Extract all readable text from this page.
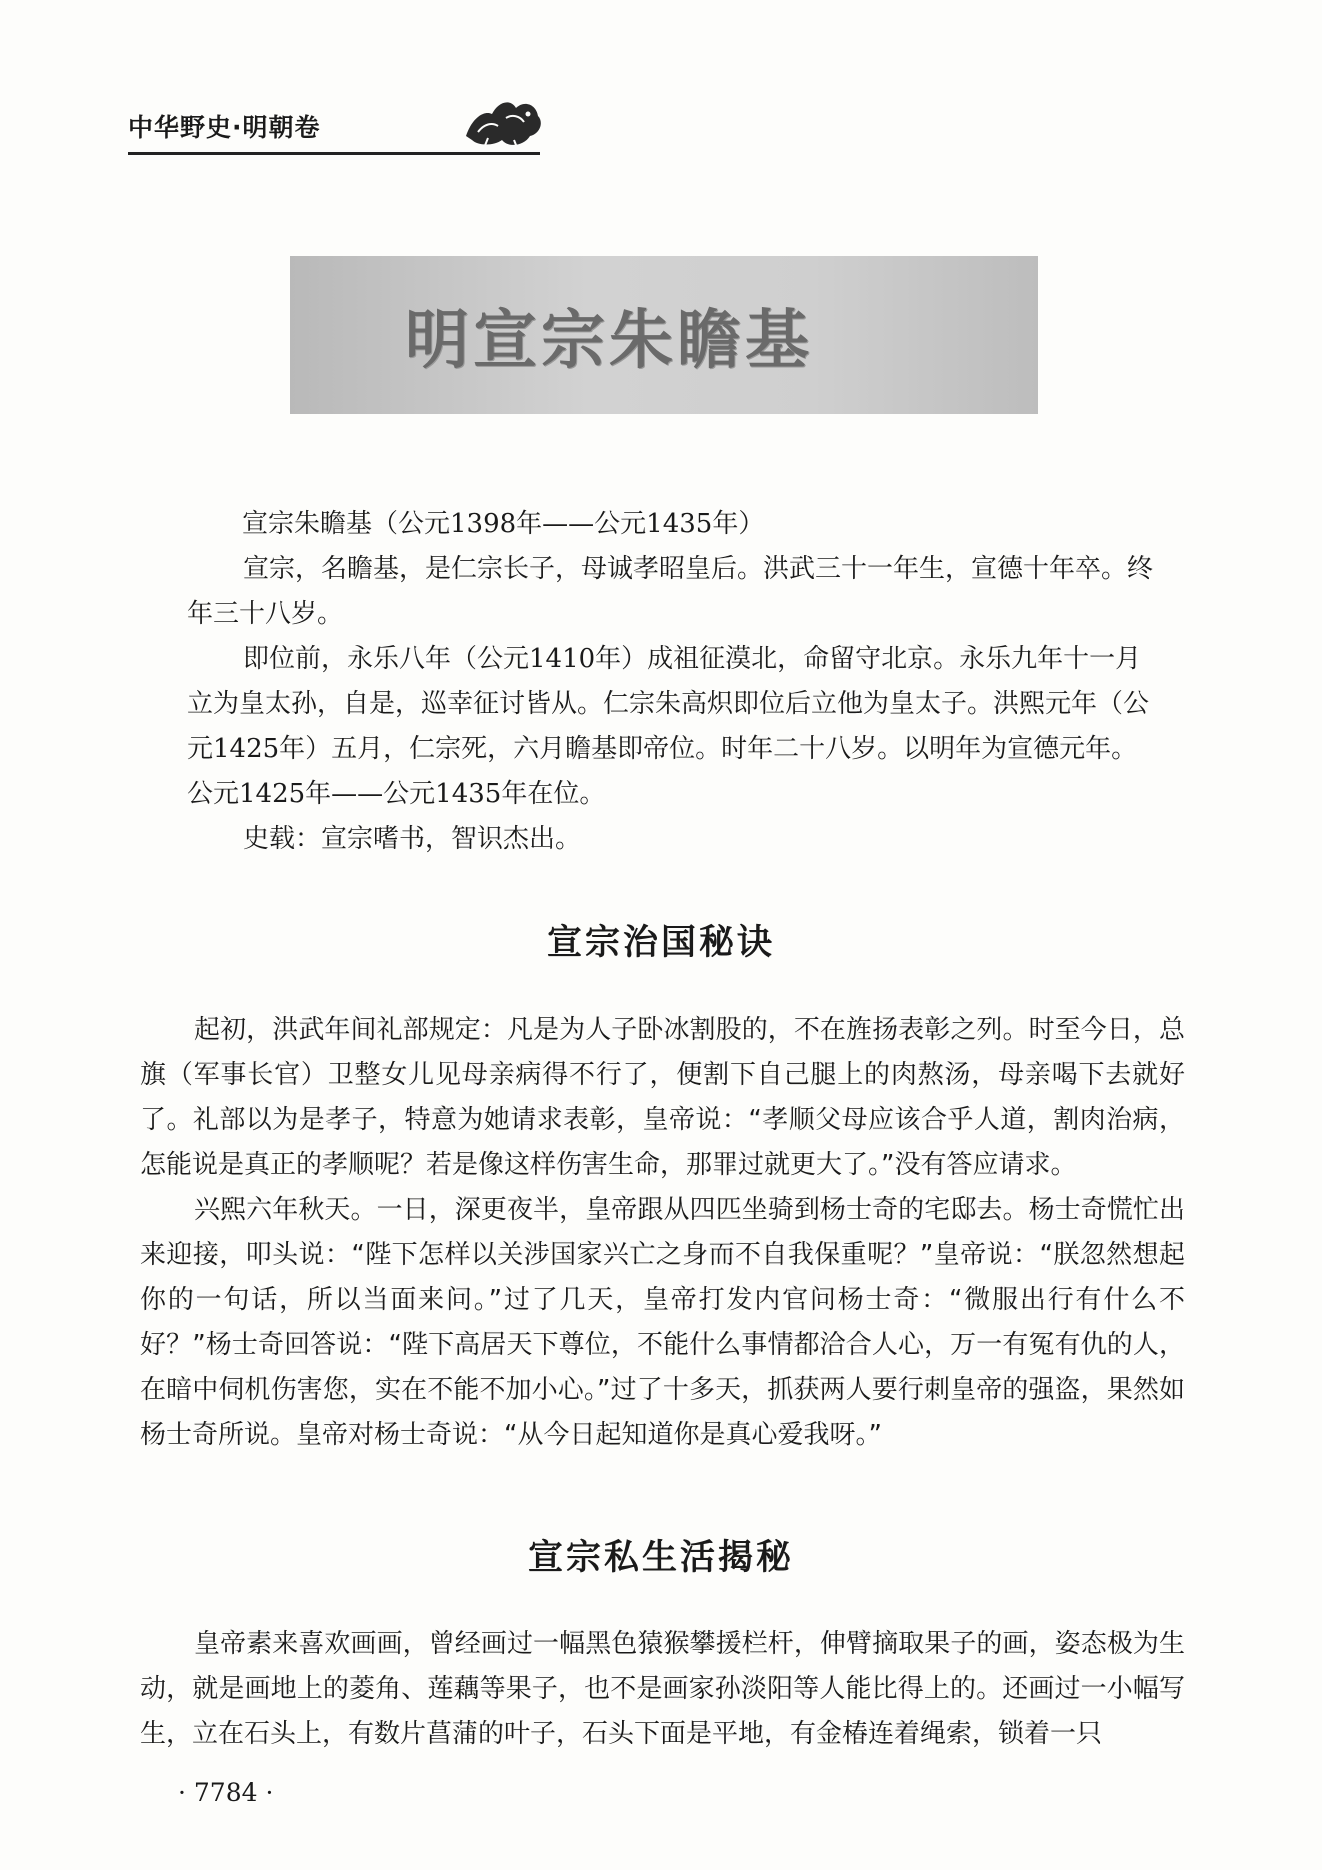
中华野史·明朝卷
明宣宗朱瞻基

宣宗朱瞻基（公元1398年——公元1435年）

宣宗，名瞻基，是仁宗长子，母诚孝昭皇后。洪武三十一年生，宣德十年卒。终年三十八岁。

即位前，永乐八年（公元1410年）成祖征漠北，命留守北京。永乐九年十一月立为皇太孙，自是，巡幸征讨皆从。仁宗朱高炽即位后立他为皇太子。洪熙元年（公元1425年）五月，仁宗死，六月瞻基即帝位。时年二十八岁。以明年为宣德元年。公元1425年——公元1435年在位。

史载：宣宗嗜书，智识杰出。

宣宗治国秘诀

起初，洪武年间礼部规定：凡是为人子卧冰割股的，不在旌扬表彰之列。时至今日，总旗（军事长官）卫整女儿见母亲病得不行了，便割下自己腿上的肉熬汤，母亲喝下去就好了。礼部以为是孝子，特意为她请求表彰，皇帝说：“孝顺父母应该合乎人道，割肉治病，怎能说是真正的孝顺呢？若是像这样伤害生命，那罪过就更大了。”没有答应请求。

兴熙六年秋天。一日，深更夜半，皇帝跟从四匹坐骑到杨士奇的宅邸去。杨士奇慌忙出来迎接，叩头说：“陛下怎样以关涉国家兴亡之身而不自我保重呢？”皇帝说：“朕忽然想起你的一句话，所以当面来问。”过了几天，皇帝打发内官问杨士奇：“微服出行有什么不好？”杨士奇回答说：“陛下高居天下尊位，不能什么事情都洽合人心，万一有冤有仇的人，在暗中伺机伤害您，实在不能不加小心。”过了十多天，抓获两人要行刺皇帝的强盗，果然如杨士奇所说。皇帝对杨士奇说：“从今日起知道你是真心爱我呀。”

宣宗私生活揭秘

皇帝素来喜欢画画，曾经画过一幅黑色猿猴攀援栏杆，伸臂摘取果子的画，姿态极为生动，就是画地上的菱角、莲藕等果子，也不是画家孙淡阳等人能比得上的。还画过一小幅写生，立在石头上，有数片菖蒲的叶子，石头下面是平地，有金椿连着绳索，锁着一只

· 7784 ·
